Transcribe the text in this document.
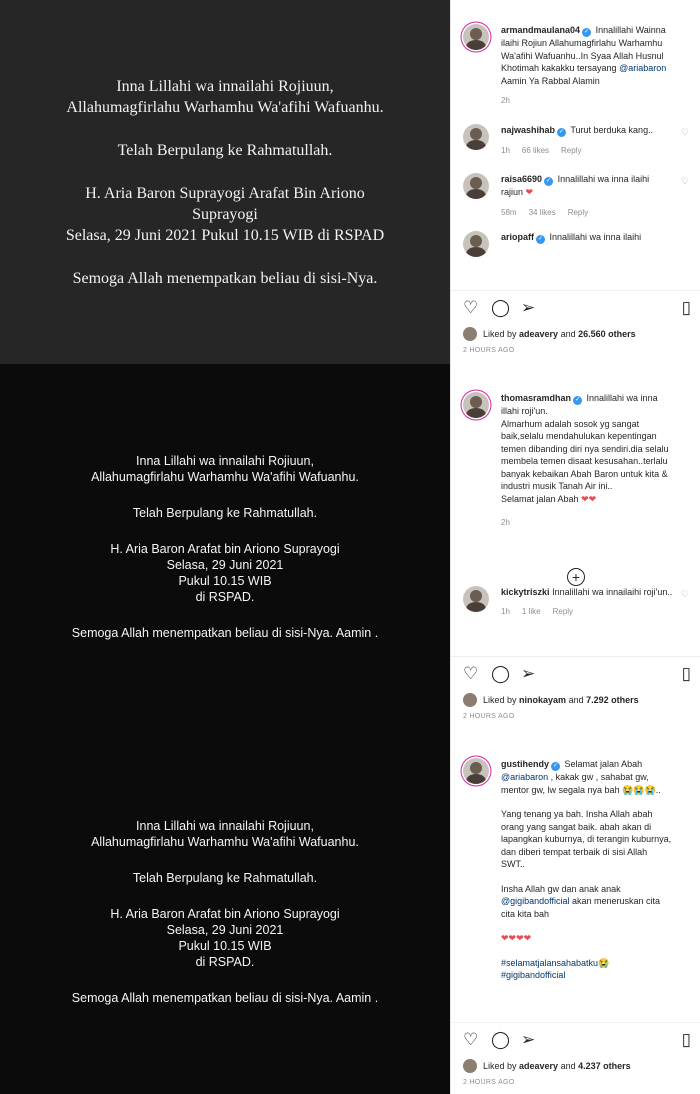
Inna Lillahi wa innailahi Rojiuun,
Allahumagfirlahu Warhamhu Wa'afihi Wafuanhu.
Telah Berpulang ke Rahmatullah.
H. Aria Baron Suprayogi Arafat Bin Ariono
Suprayogi
Selasa, 29 Juni 2021 Pukul 10.15 WIB di RSPAD
Semoga Allah menempatkan beliau di sisi-Nya.
armandmaulana04 ✓ Innalillahi Wainna ilaihi Rojiun Allahumagfirlahu Warhamhu Wa'afihi Wafuanhu..In Syaa Allah Husnul Khotimah kakakku tersayang @ariabaron Aamin Ya Rabbal Alamin
2h
najwashihab ✓ Turut berduka kang..	♡
1h 66 likes Reply
raisa6690 ✓ Innalillahi wa inna ilaihi rajiun ❤
♡
58m 34 likes Reply
ariopaff ✓ Innalillahi wa inna ilaihi
♡ ◯ ➢	▯
Liked by adeavery and 26.560 others
2 HOURS AGO
Inna Lillahi wa innailahi Rojiuun,
Allahumagfirlahu Warhamhu Wa'afihi Wafuanhu.
Telah Berpulang ke Rahmatullah.
H. Aria Baron Arafat bin Ariono Suprayogi
Selasa, 29 Juni 2021
Pukul 10.15 WIB
di RSPAD.
Semoga Allah menempatkan beliau di sisi-Nya. Aamin .
thomasramdhan ✓ Innalillahi wa inna illahi roji'un.
Almarhum adalah sosok yg sangat baik,selalu mendahulukan kepentingan temen dibanding diri nya sendiri.dia selalu membela temen disaat kesusahan..terlalu banyak kebaikan Abah Baron untuk kita & industri musik Tanah Air ini..
Selamat jalan Abah ❤❤
2h
+
kickytriszki Innalillahi wa innailaihi roji'un.. ♡
1h 1 like Reply
♡ ◯ ➢	▯
Liked by ninokayam and 7.292 others
2 HOURS AGO
Inna Lillahi wa innailahi Rojiuun,
Allahumagfirlahu Warhamhu Wa'afihi Wafuanhu.
Telah Berpulang ke Rahmatullah.
H. Aria Baron Arafat bin Ariono Suprayogi
Selasa, 29 Juni 2021
Pukul 10.15 WIB
di RSPAD.
Semoga Allah menempatkan beliau di sisi-Nya. Aamin .
gustihendy ✓ Selamat jalan Abah @ariabaron , kakak gw , sahabat gw, mentor gw, lw segala nya bah 😭😭😭..
Yang tenang ya bah. Insha Allah abah orang yang sangat baik. abah akan di lapangkan kuburnya, di terangin kuburnya, dan diberi tempat terbaik di sisi Allah SWT..
Insha Allah gw dan anak anak @gigibandofficial akan meneruskan cita cita kita bah
❤❤❤❤
#selamatjalansahabatku😭
#gigibandofficial
♡ ◯ ➢	▯
Liked by adeavery and 4.237 others
2 HOURS AGO
